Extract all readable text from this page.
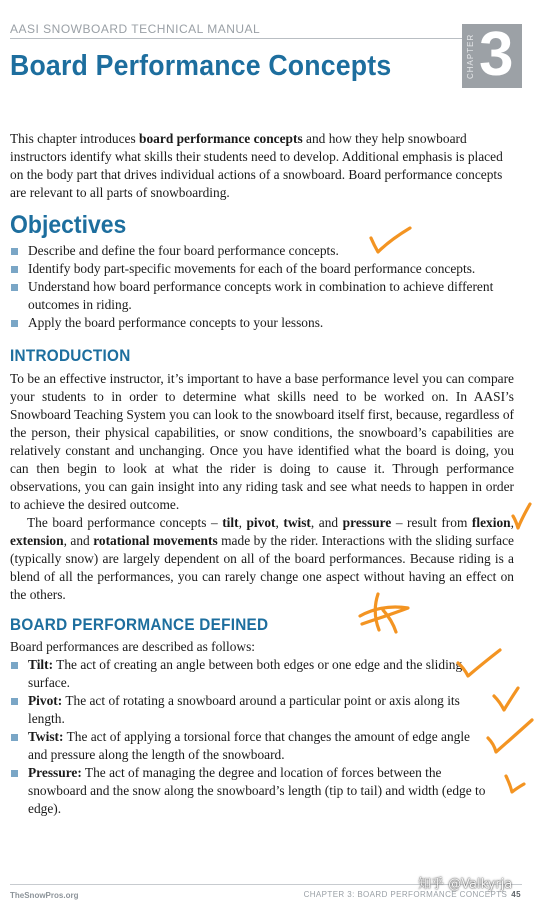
AASI SNOWBOARD TECHNICAL MANUAL
Board Performance Concepts	CHAPTER 3

This chapter introduces board performance concepts and how they help snowboard instructors identify what skills their students need to develop. Additional emphasis is placed on the body part that drives individual actions of a snowboard. Board performance concepts are relevant to all parts of snowboarding.

Objectives
Describe and define the four board performance concepts.
Identify body part-specific movements for each of the board performance concepts.
Understand how board performance concepts work in combination to achieve different outcomes in riding.
Apply the board performance concepts to your lessons.
INTRODUCTION

To be an effective instructor, it’s important to have a base performance level you can compare your students to in order to determine what skills need to be worked on. In AASI’s Snowboard Teaching System you can look to the snowboard itself first, because, regardless of the person, their physical capabilities, or snow conditions, the snowboard’s capabilities are relatively constant and unchanging. Once you have identified what the board is doing, you can then begin to look at what the rider is doing to cause it. Through performance observations, you can gain insight into any riding task and see what needs to happen in order to achieve the desired outcome.

The board performance concepts – tilt, pivot, twist, and pressure – result from flexion, extension, and rotational movements made by the rider. Interactions with the sliding surface (typically snow) are largely dependent on all of the board performances. Because riding is a blend of all the performances, you can rarely change one aspect without having an effect on the others.

BOARD PERFORMANCE DEFINED

Board performances are described as follows:

Tilt: The act of creating an angle between both edges or one edge and the sliding surface.
Pivot: The act of rotating a snowboard around a particular point or axis along its length.
Twist: The act of applying a torsional force that changes the amount of edge angle and pressure along the length of the snowboard.
Pressure: The act of managing the degree and location of forces between the snowboard and the snow along the snowboard’s length (tip to tail) and width (edge to edge).
TheSnowPros.org	CHAPTER 3: BOARD PERFORMANCE CONCEPTS 45
知乎 @Valkyrja
